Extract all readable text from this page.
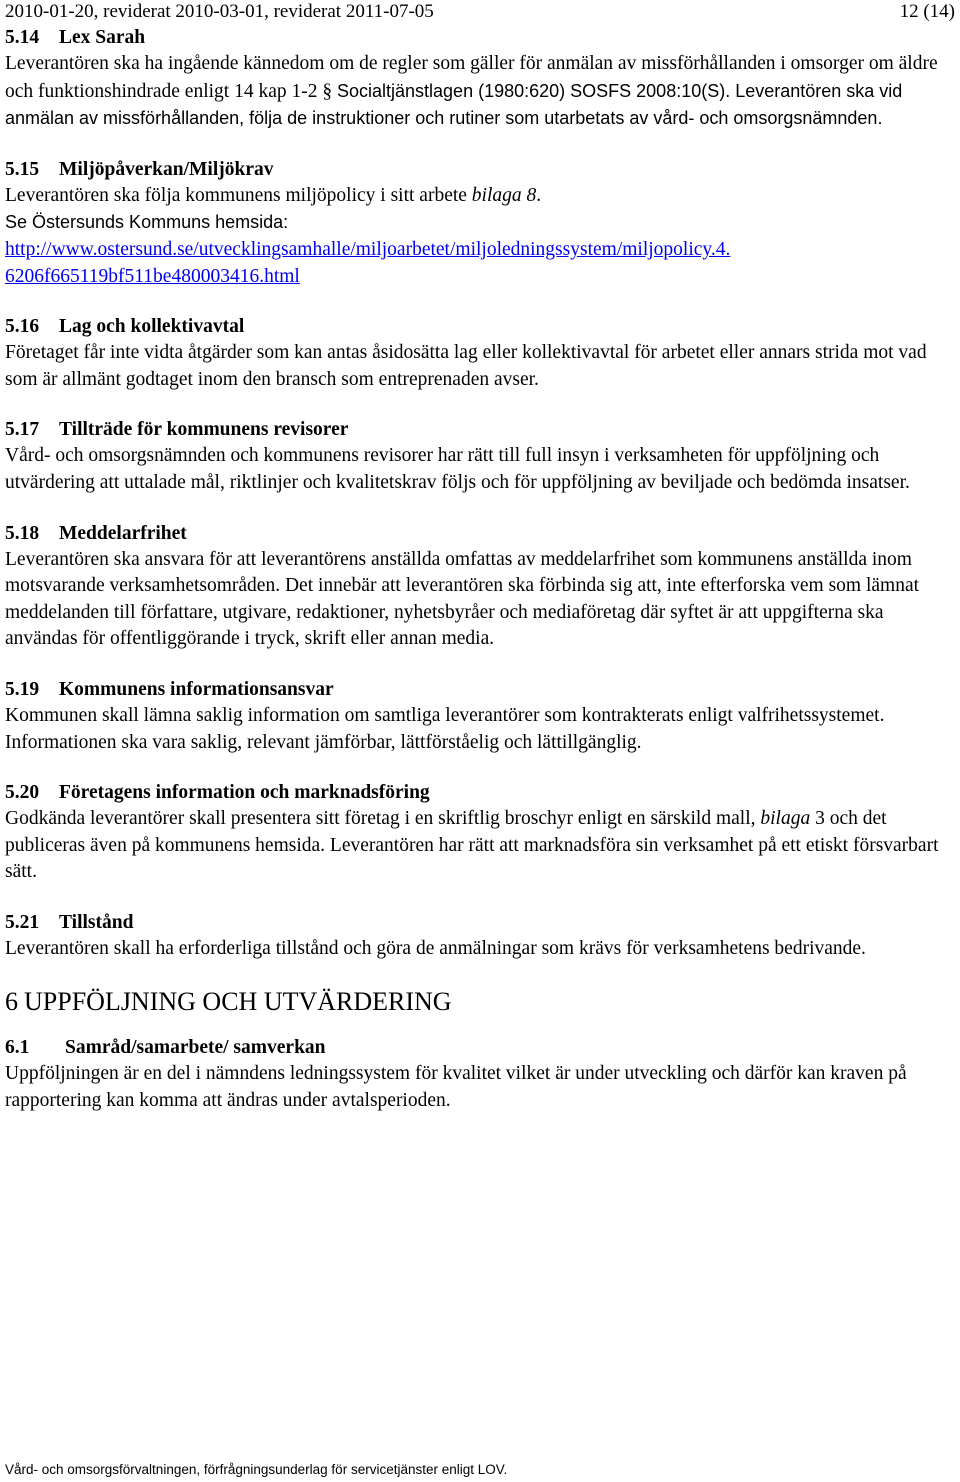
2010-01-20, reviderat 2010-03-01, reviderat 2011-07-05	12 (14)
5.14 Lex Sarah
Leverantören ska ha ingående kännedom om de regler som gäller för anmälan av missförhållanden i omsorger om äldre och funktionshindrade enligt 14 kap 1-2 § Socialtjänstlagen (1980:620) SOSFS 2008:10(S). Leverantören ska vid anmälan av missförhållanden, följa de instruktioner och rutiner som utarbetats av vård- och omsorgsnämnden.
5.15 Miljöpåverkan/Miljökrav
Leverantören ska följa kommunens miljöpolicy i sitt arbete bilaga 8.
Se Östersunds Kommuns hemsida:
http://www.ostersund.se/utvecklingsamhalle/miljoarbetet/miljoledningssystem/miljopolicy.4.
6206f665119bf511be480003416.html
5.16 Lag och kollektivavtal
Företaget får inte vidta åtgärder som kan antas åsidosätta lag eller kollektivavtal för arbetet eller annars strida mot vad som är allmänt godtaget inom den bransch som entreprenaden avser.
5.17 Tillträde för kommunens revisorer
Vård- och omsorgsnämnden och kommunens revisorer har rätt till full insyn i verksamheten för uppföljning och utvärdering att uttalade mål, riktlinjer och kvalitetskrav följs och för uppföljning av beviljade och bedömda insatser.
5.18 Meddelarfrihet
Leverantören ska ansvara för att leverantörens anställda omfattas av meddelarfrihet som kommunens anställda inom motsvarande verksamhetsområden. Det innebär att leverantören ska förbinda sig att, inte efterforska vem som lämnat meddelanden till författare, utgivare, redaktioner, nyhetsbyråer och mediaföretag där syftet är att uppgifterna ska användas för offentliggörande i tryck, skrift eller annan media.
5.19 Kommunens informationsansvar
Kommunen skall lämna saklig information om samtliga leverantörer som kontrakterats enligt valfrihetssystemet. Informationen ska vara saklig, relevant jämförbar, lättförståelig och lättillgänglig.
5.20 Företagens information och marknadsföring
Godkända leverantörer skall presentera sitt företag i en skriftlig broschyr enligt en särskild mall, bilaga 3 och det publiceras även på kommunens hemsida. Leverantören har rätt att marknadsföra sin verksamhet på ett etiskt försvarbart sätt.
5.21 Tillstånd
Leverantören skall ha erforderliga tillstånd och göra de anmälningar som krävs för verksamhetens bedrivande.
6 UPPFÖLJNING OCH UTVÄRDERING
6.1 Samråd/samarbete/ samverkan
Uppföljningen är en del i nämndens ledningssystem för kvalitet vilket är under utveckling och därför kan kraven på rapportering kan komma att ändras under avtalsperioden.
Vård- och omsorgsförvaltningen, förfrågningsunderlag för servicetjänster enligt LOV.
